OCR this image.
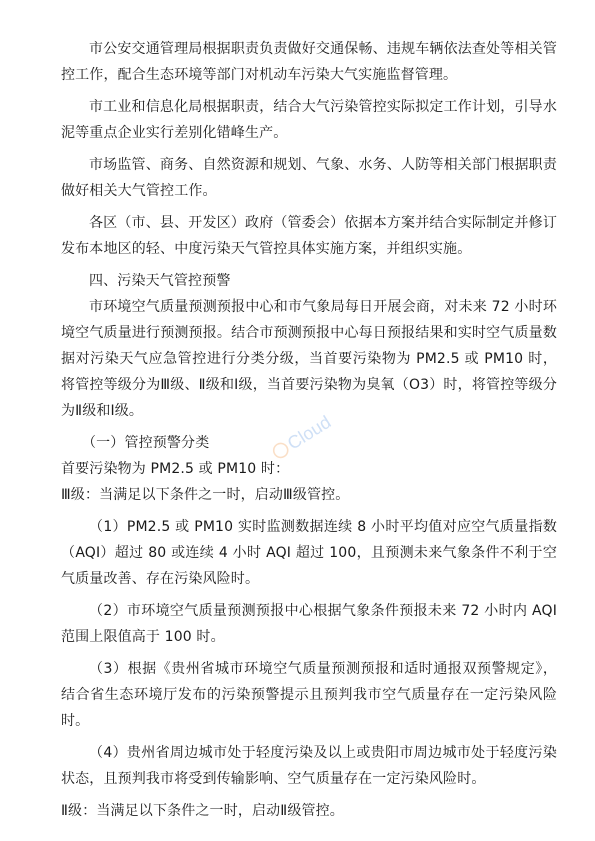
市公安交通管理局根据职责负责做好交通保畅、违规车辆依法查处等相关管控工作，配合生态环境等部门对机动车污染大气实施监督管理。

市工业和信息化局根据职责，结合大气污染管控实际拟定工作计划，引导水泥等重点企业实行差别化错峰生产。

市场监管、商务、自然资源和规划、气象、水务、人防等相关部门根据职责做好相关大气管控工作。

各区（市、县、开发区）政府（管委会）依据本方案并结合实际制定并修订发布本地区的轻、中度污染天气管控具体实施方案，并组织实施。

四、污染天气管控预警

市环境空气质量预测预报中心和市气象局每日开展会商，对未来 72 小时环境空气质量进行预测预报。结合市预测预报中心每日预报结果和实时空气质量数据对污染天气应急管控进行分类分级，当首要污染物为 PM2.5 或 PM10 时，将管控等级分为Ⅲ级、Ⅱ级和Ⅰ级，当首要污染物为臭氧（O3）时，将管控等级分为Ⅱ级和Ⅰ级。

（一）管控预警分类

首要污染物为 PM2.5 或 PM10 时：

Ⅲ级：当满足以下条件之一时，启动Ⅲ级管控。

（1）PM2.5 或 PM10 实时监测数据连续 8 小时平均值对应空气质量指数（AQI）超过 80 或连续 4 小时 AQI 超过 100，且预测未来气象条件不利于空气质量改善、存在污染风险时。

（2）市环境空气质量预测预报中心根据气象条件预报未来 72 小时内 AQI 范围上限值高于 100 时。

（3）根据《贵州省城市环境空气质量预测预报和适时通报双预警规定》，结合省生态环境厅发布的污染预警提示且预判我市空气质量存在一定污染风险时。

（4）贵州省周边城市处于轻度污染及以上或贵阳市周边城市处于轻度污染状态，且预判我市将受到传输影响、空气质量存在一定污染风险时。

Ⅱ级：当满足以下条件之一时，启动Ⅱ级管控。

Cloud
